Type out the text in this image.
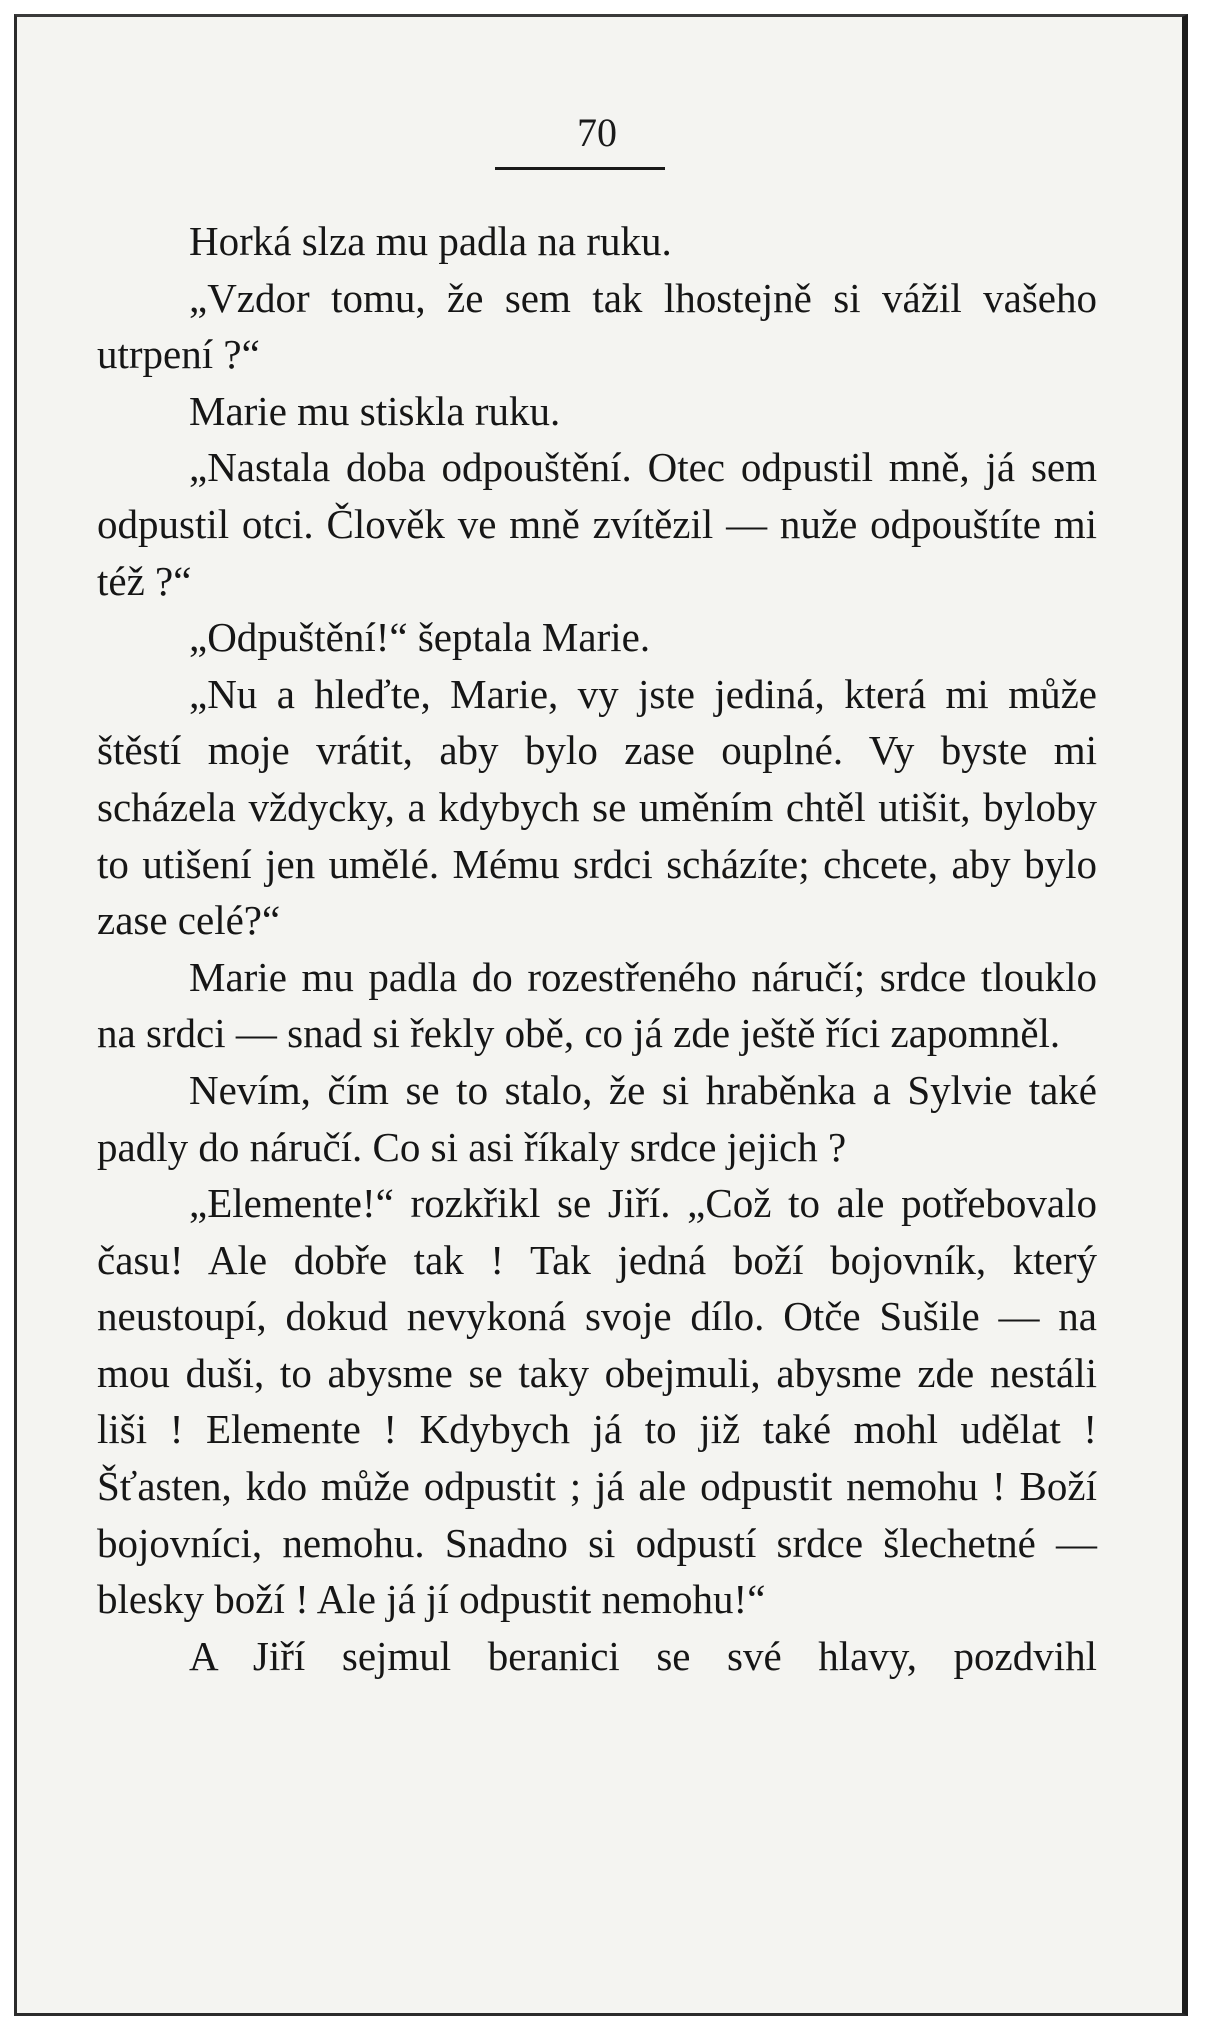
70

Horká slza mu padla na ruku.

„Vzdor tomu, že sem tak lhostejně si vážil vašeho utrpení ?“

Marie mu stiskla ruku.

„Nastala doba odpouštění. Otec odpustil mně, já sem odpustil otci. Člověk ve mně zvítězil — nuže odpouštíte mi též ?“

„Odpuštění!“ šeptala Marie.

„Nu a hleďte, Marie, vy jste jediná, která mi může štěstí moje vrátit, aby bylo zase ouplné. Vy byste mi scházela vždycky, a kdybych se uměním chtěl utišit, byloby to utišení jen umělé. Mému srdci scházíte; chcete, aby bylo zase celé?“

Marie mu padla do rozestřeného náručí; srdce tlouklo na srdci — snad si řekly obě, co já zde ještě říci zapomněl.

Nevím, čím se to stalo, že si hraběnka a Sylvie také padly do náručí. Co si asi říkaly srdce jejich ?

„Elemente!“ rozkřikl se Jiří. „Což to ale potřebovalo času! Ale dobře tak ! Tak jedná boží bojovník, který neustoupí, dokud nevykoná svoje dílo. Otče Sušile — na mou duši, to abysme se taky obejmuli, abysme zde nestáli liši ! Elemente ! Kdybych já to již také mohl udělat ! Šťasten, kdo může odpustit ; já ale odpustit nemohu ! Boží bojovníci, nemohu. Snadno si odpustí srdce šlechetné — blesky boží ! Ale já jí odpustit nemohu!“

A Jiří sejmul beranici se své hlavy, pozdvihl
